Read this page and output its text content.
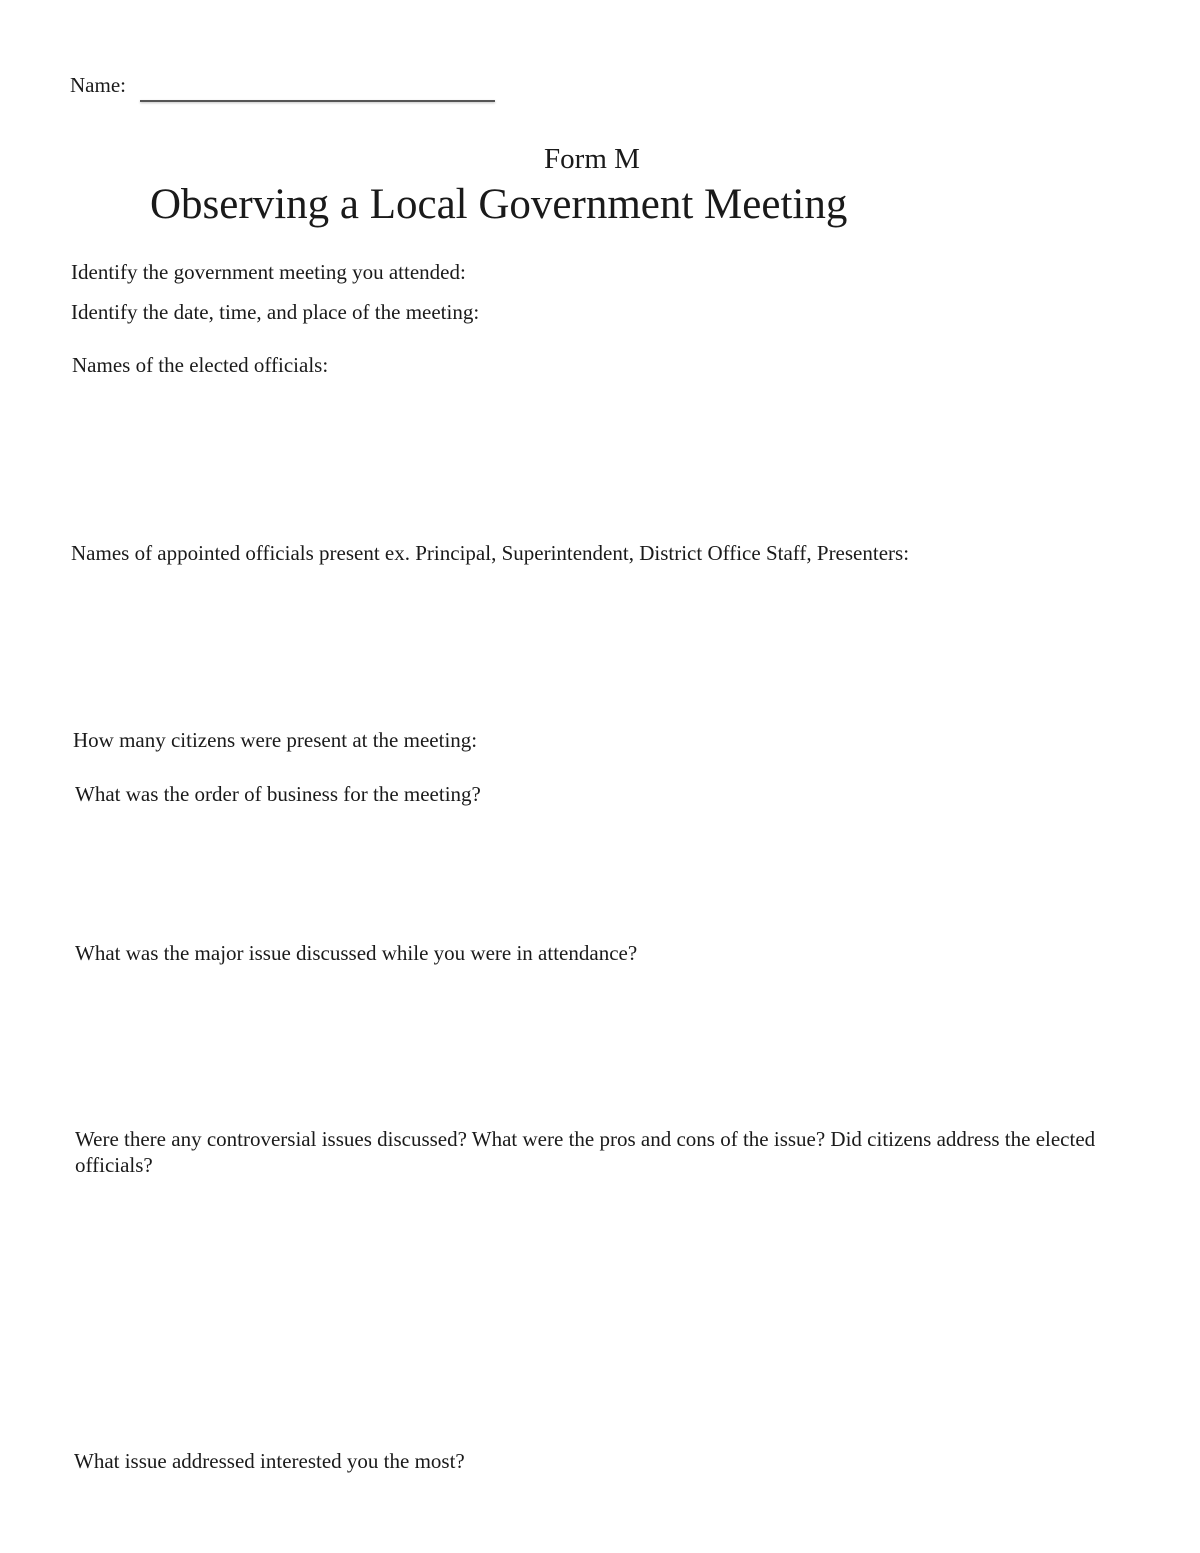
Name:
Form M
Observing a Local Government Meeting
Identify the government meeting you attended:
Identify the date, time, and place of the meeting:
Names of the elected officials:
Names of appointed officials present ex. Principal, Superintendent, District Office Staff, Presenters:
How many citizens were present at the meeting:
What was the order of business for the meeting?
What was the major issue discussed while you were in attendance?
Were there any controversial issues discussed? What were the pros and cons of the issue? Did citizens address the elected officials?
What issue addressed interested you the most?
